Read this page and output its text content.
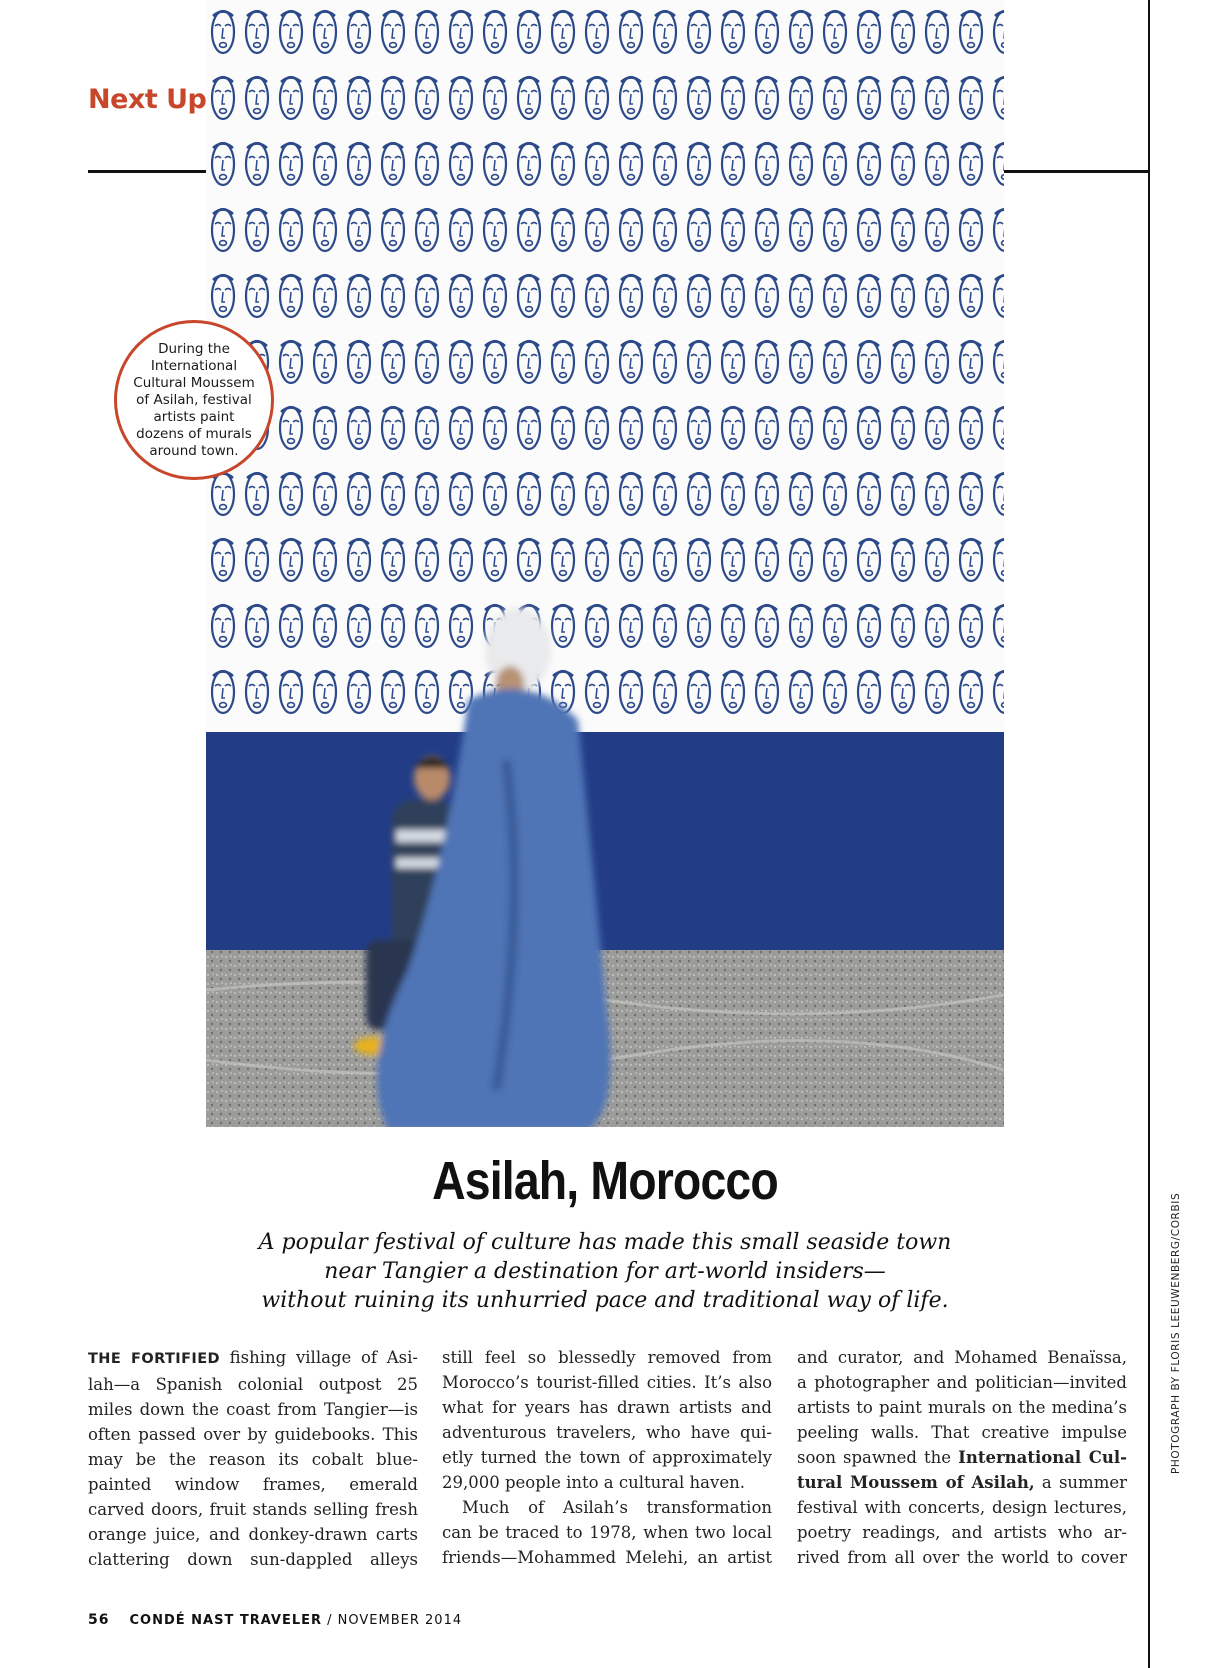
Next Up
During the International Cultural Moussem of Asilah, festival artists paint dozens of murals around town.
PHOTOGRAPH BY FLORIS LEEUWENBERG/CORBIS
Asilah, Morocco
A popular festival of culture has made this small seaside town
near Tangier a destination for art-world insiders—
without ruining its unhurried pace and traditional way of life.
THE FORTIFIED fishing village of Asi-
lah—a Spanish colonial outpost 25
miles down the coast from Tangier—is
often passed over by guidebooks. This
may be the reason its cobalt blue-
painted window frames, emerald
carved doors, fruit stands selling fresh
orange juice, and donkey-drawn carts
clattering down sun-dappled alleys
still feel so blessedly removed from
Morocco’s tourist-filled cities. It’s also
what for years has drawn artists and
adventurous travelers, who have qui-
etly turned the town of approximately
29,000 people into a cultural haven.
Much of Asilah’s transformation
can be traced to 1978, when two local
friends—Mohammed Melehi, an artist
and curator, and Mohamed Benaïssa,
a photographer and politician—invited
artists to paint murals on the medina’s
peeling walls. That creative impulse
soon spawned the International Cul-
tural Moussem of Asilah, a summer
festival with concerts, design lectures,
poetry readings, and artists who ar-
rived from all over the world to cover
56 CONDÉ NAST TRAVELER / NOVEMBER 2014
